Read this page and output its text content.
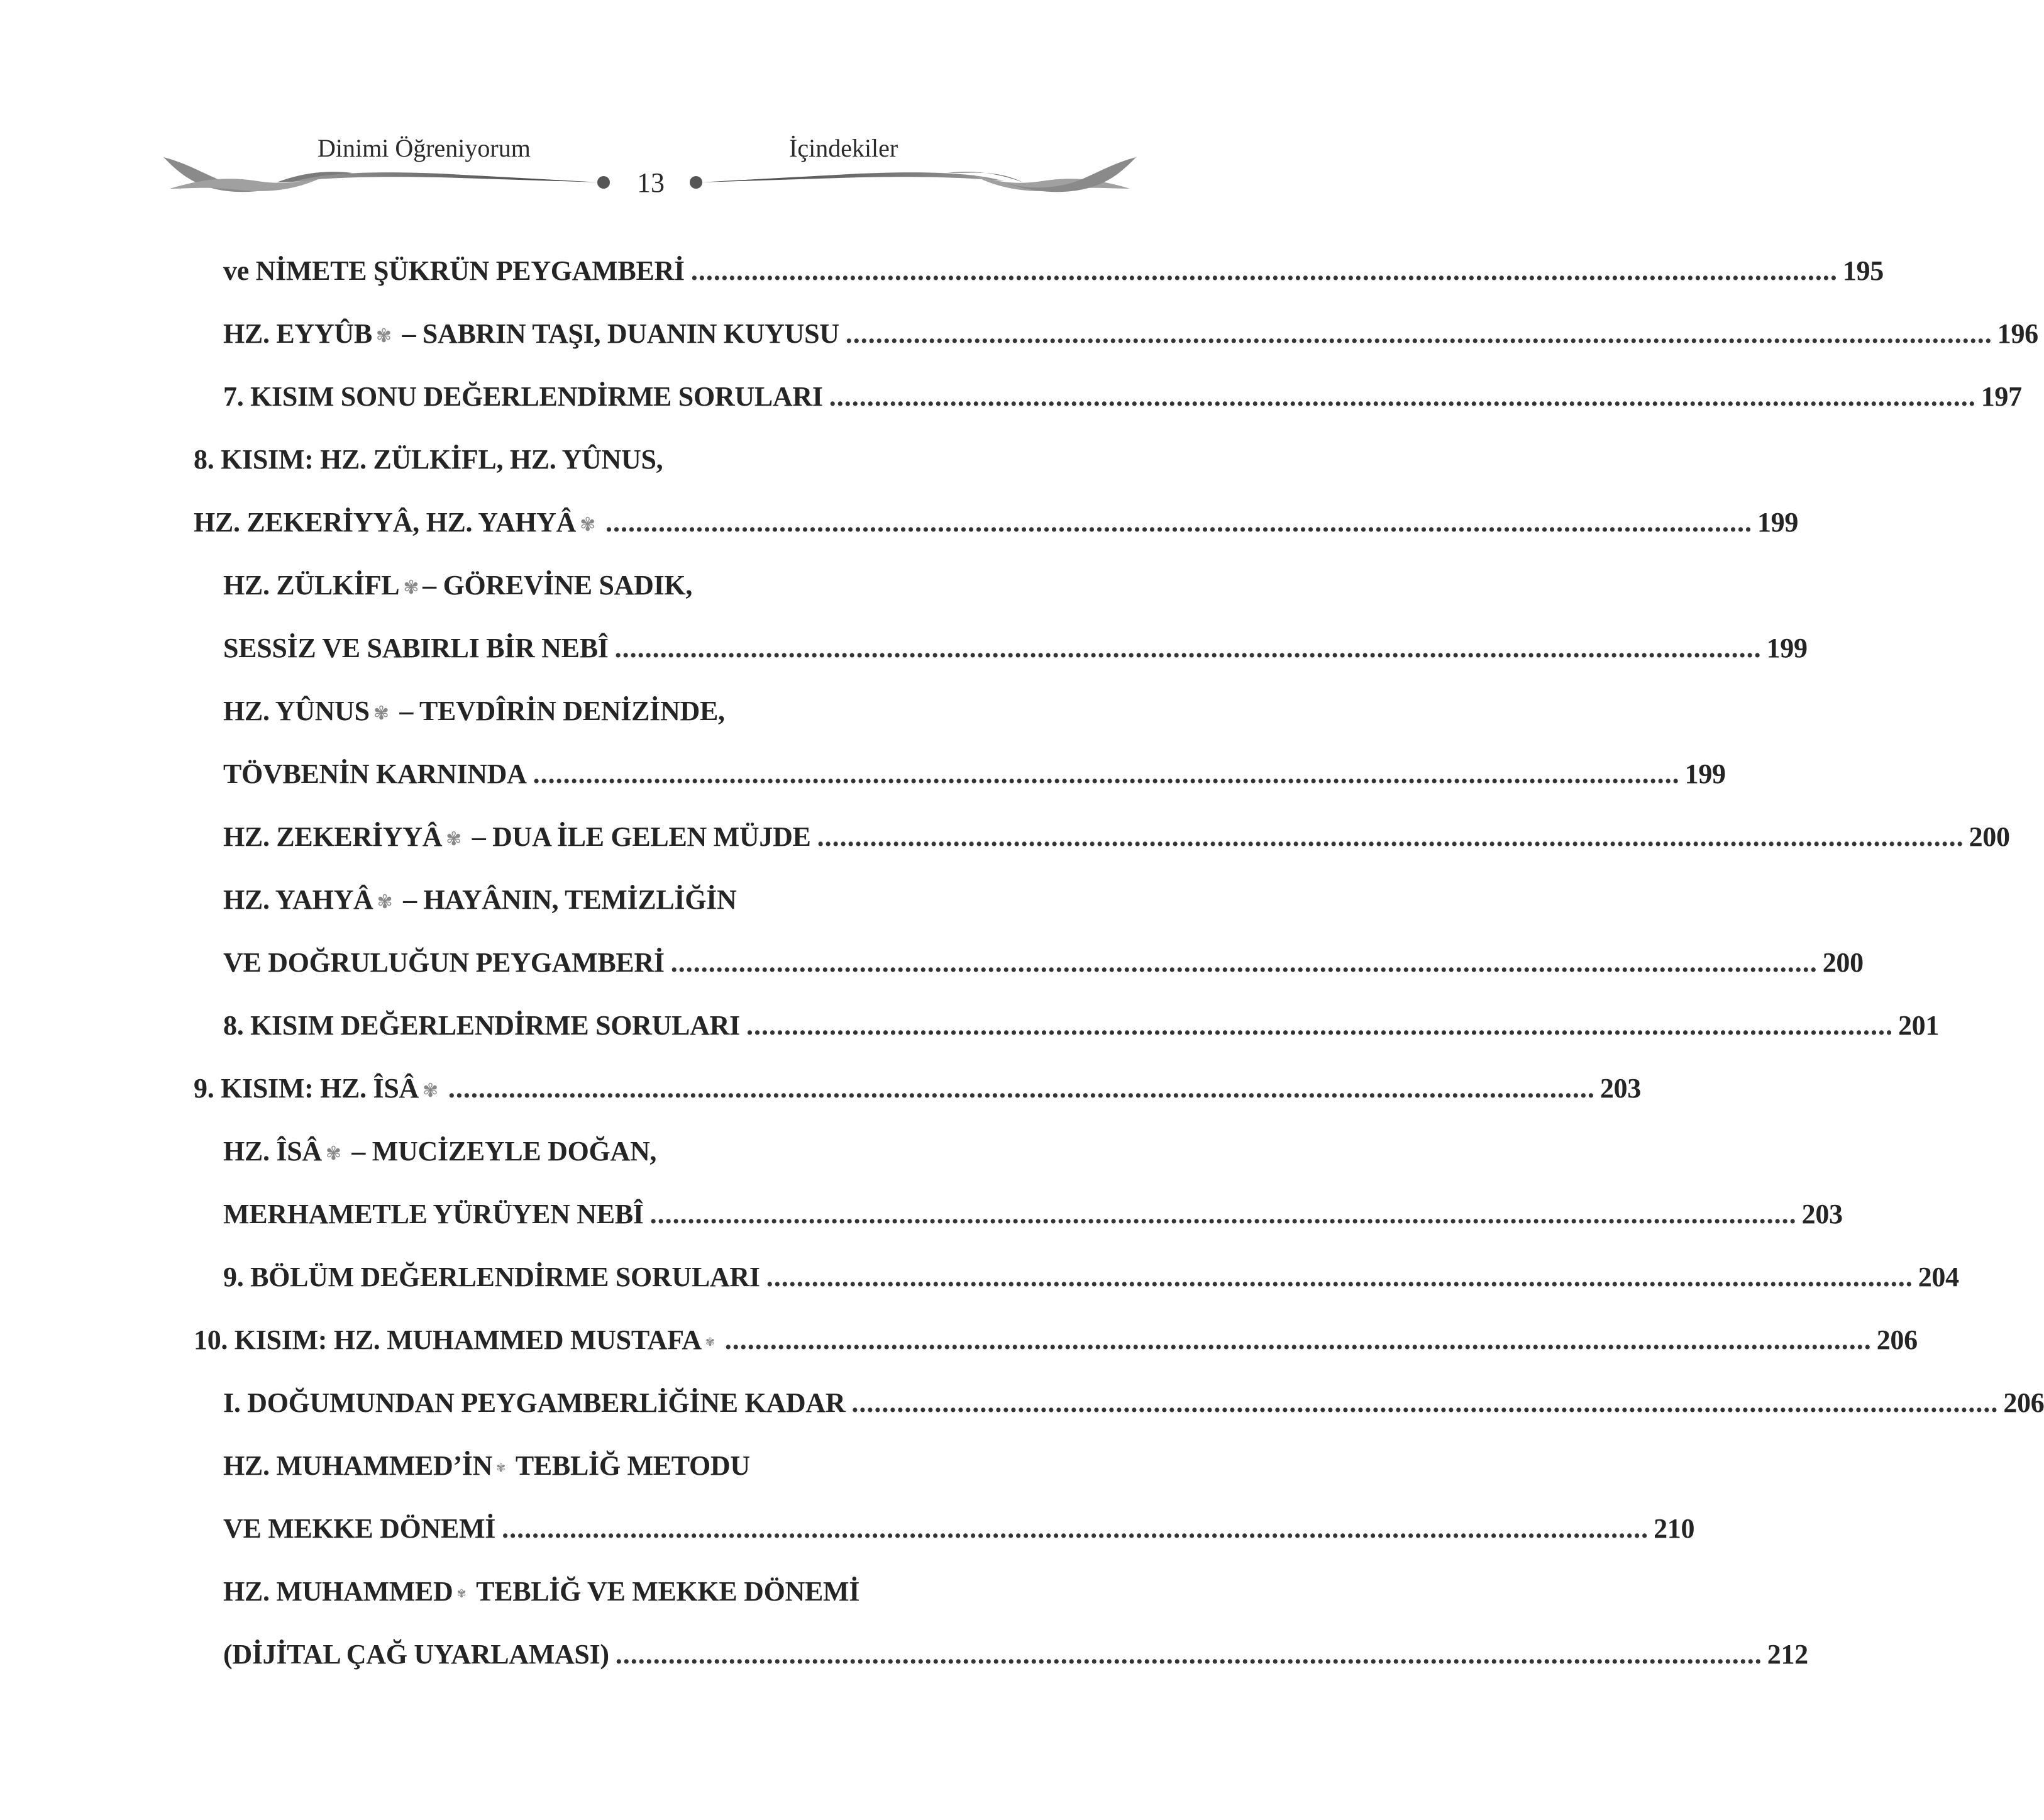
Dinimi Öğreniyorum	İçindekiler
13
ve NİMETE ŞÜKRÜN PEYGAMBERİ ........................................................................................................................................................ 195
HZ. EYYÛB ✾ – SABRIN TAŞI, DUANIN KUYUSU ........................................................................................................................................................ 196
7. KISIM SONU DEĞERLENDİRME SORULARI ........................................................................................................................................................ 197
8. KISIM: HZ. ZÜLKİFL, HZ. YÛNUS,
HZ. ZEKERİYYÂ, HZ. YAHYÂ ✾ ........................................................................................................................................................ 199
HZ. ZÜLKİFL ✾ – GÖREVİNE SADIK,
SESSİZ VE SABIRLI BİR NEBÎ ........................................................................................................................................................ 199
HZ. YÛNUS ✾ – TEVDÎRİN DENİZİNDE,
TÖVBENİN KARNINDA ........................................................................................................................................................ 199
HZ. ZEKERİYYÂ ✾ – DUA İLE GELEN MÜJDE ........................................................................................................................................................ 200
HZ. YAHYÂ ✾ – HAYÂNIN, TEMİZLİĞİN
VE DOĞRULUĞUN PEYGAMBERİ ........................................................................................................................................................ 200
8. KISIM DEĞERLENDİRME SORULARI ........................................................................................................................................................ 201
9. KISIM: HZ. ÎSÂ ✾ ........................................................................................................................................................ 203
HZ. ÎSÂ ✾ – MUCİZEYLE DOĞAN,
MERHAMETLE YÜRÜYEN NEBÎ ........................................................................................................................................................ 203
9. BÖLÜM DEĞERLENDİRME SORULARI ........................................................................................................................................................ 204
10. KISIM: HZ. MUHAMMED MUSTAFA ✾ ........................................................................................................................................................ 206
I. DOĞUMUNDAN PEYGAMBERLİĞİNE KADAR ........................................................................................................................................................ 206
HZ. MUHAMMED’İN ✾ TEBLİĞ METODU
VE MEKKE DÖNEMİ ........................................................................................................................................................ 210
HZ. MUHAMMED ✾ TEBLİĞ VE MEKKE DÖNEMİ
(DİJİTAL ÇAĞ UYARLAMASI) ........................................................................................................................................................ 212
